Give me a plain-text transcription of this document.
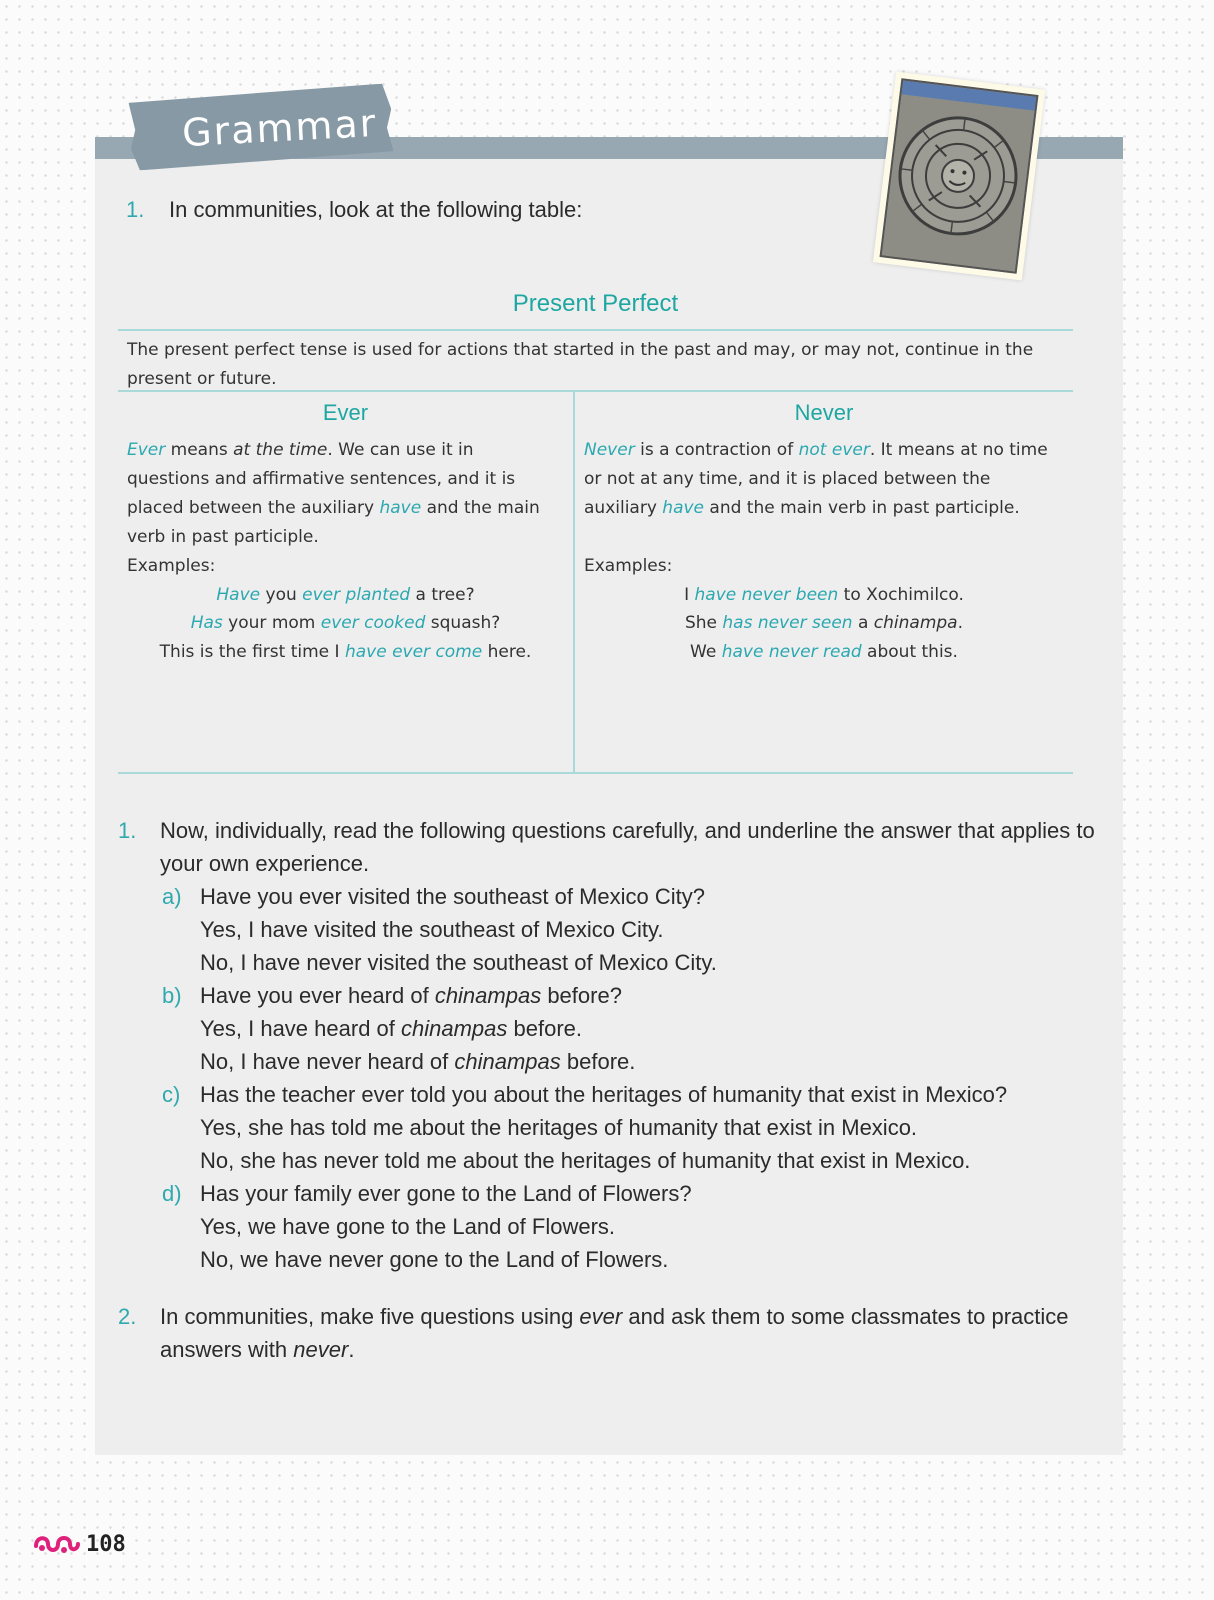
Grammar
1. In communities, look at the following table:
Present Perfect
The present perfect tense is used for actions that started in the past and may, or may not, continue in the present or future.
Ever	Never
Ever means at the time. We can use it in questions and affirmative sentences, and it is placed between the auxiliary have and the main verb in past participle.
Never is a contraction of not ever. It means at no time or not at any time, and it is placed between the auxiliary have and the main verb in past participle.
Examples:	Examples:
Have you ever planted a tree?
Has your mom ever cooked squash?
This is the first time I have ever come here.
I have never been to Xochimilco.
She has never seen a chinampa.
We have never read about this.
1. Now, individually, read the following questions carefully, and underline the answer that applies to
your own experience.
a) Have you ever visited the southeast of Mexico City?
Yes, I have visited the southeast of Mexico City.
No, I have never visited the southeast of Mexico City.
b) Have you ever heard of chinampas before?
Yes, I have heard of chinampas before.
No, I have never heard of chinampas before.
c) Has the teacher ever told you about the heritages of humanity that exist in Mexico?
Yes, she has told me about the heritages of humanity that exist in Mexico.
No, she has never told me about the heritages of humanity that exist in Mexico.
d) Has your family ever gone to the Land of Flowers?
Yes, we have gone to the Land of Flowers.
No, we have never gone to the Land of Flowers.
2. In communities, make five questions using ever and ask them to some classmates to practice
answers with never.
108
